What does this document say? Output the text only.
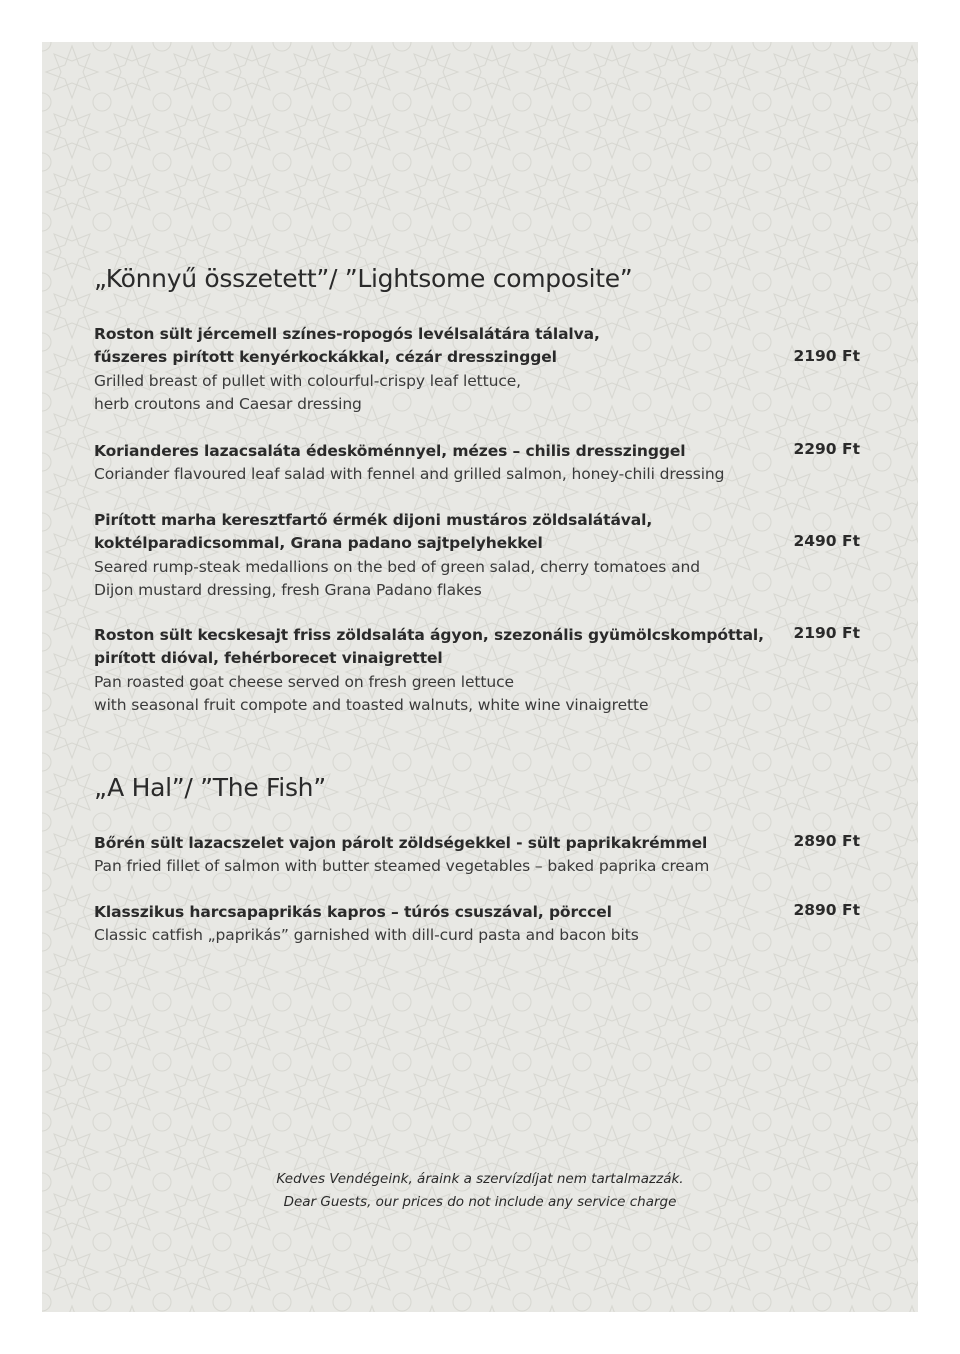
„Könnyű összetett”/ ”Lightsome composite”
Roston sült jércemell színes-ropogós levélsalátára tálalva,
fűszeres pirított kenyérkockákkal, cézár dresszinggel
Grilled breast of pullet with colourful-crispy leaf lettuce,
herb croutons and Caesar dressing
2190 Ft
Korianderes lazacsaláta édesköménnyel, mézes – chilis dresszinggel
Coriander flavoured leaf salad with fennel and grilled salmon, honey-chili dressing
2290 Ft
Pirított marha keresztfartő érmék dijoni mustáros zöldsalátával,
koktélparadicsommal, Grana padano sajtpelyhekkel
Seared rump-steak medallions on the bed of green salad, cherry tomatoes and
Dijon mustard dressing, fresh Grana Padano flakes
2490 Ft
Roston sült kecskesajt friss zöldsaláta ágyon, szezonális gyümölcskompóttal,
pirított dióval, fehérborecet vinaigrettel
Pan roasted goat cheese served on fresh green lettuce
with seasonal fruit compote and toasted walnuts, white wine vinaigrette
2190 Ft
„A Hal”/ ”The Fish”
Bőrén sült lazacszelet vajon párolt zöldségekkel - sült paprikakrémmel
Pan fried fillet of salmon with butter steamed vegetables – baked paprika cream
2890 Ft
Klasszikus harcsapaprikás kapros – túrós csuszával, pörccel
Classic catfish „paprikás” garnished with dill-curd pasta and bacon bits
2890 Ft
Kedves Vendégeink, áraink a szervízdíjat nem tartalmazzák.
Dear Guests, our prices do not include any service charge
